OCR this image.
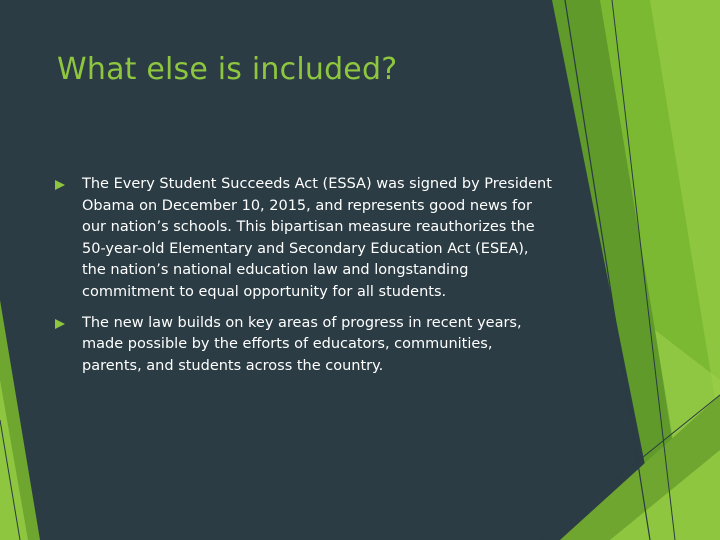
What else is included?
The Every Student Succeeds Act (ESSA) was signed by President Obama on December 10, 2015, and represents good news for our nation’s schools. This bipartisan measure reauthorizes the 50-year-old Elementary and Secondary Education Act (ESEA), the nation’s national education law and longstanding commitment to equal opportunity for all students.
The new law builds on key areas of progress in recent years, made possible by the efforts of educators, communities, parents, and students across the country.
